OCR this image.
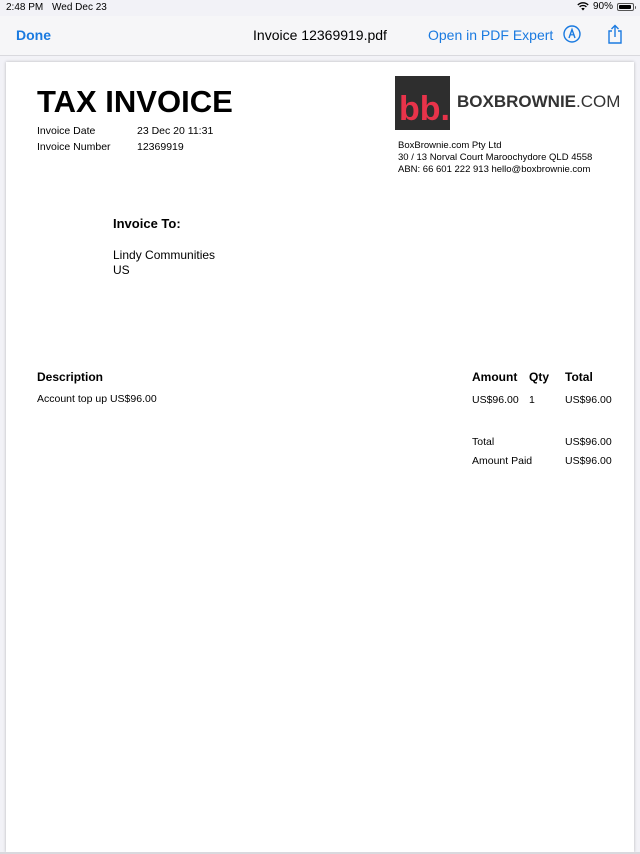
2:48 PM Wed Dec 23	90%
Done	Invoice 12369919.pdf	Open in PDF Expert
TAX INVOICE
Invoice Date	23 Dec 20 11:31
Invoice Number	12369919
bb. BOXBROWNIE.COM
BoxBrownie.com Pty Ltd
30 / 13 Norval Court Maroochydore QLD 4558
ABN: 66 601 222 913 hello@boxbrownie.com
Invoice To:
Lindy Communities
US
Description	Amount Qty Total
Account top up US$96.00	US$96.00 1	US$96.00
Total	US$96.00
Amount Paid	US$96.00
